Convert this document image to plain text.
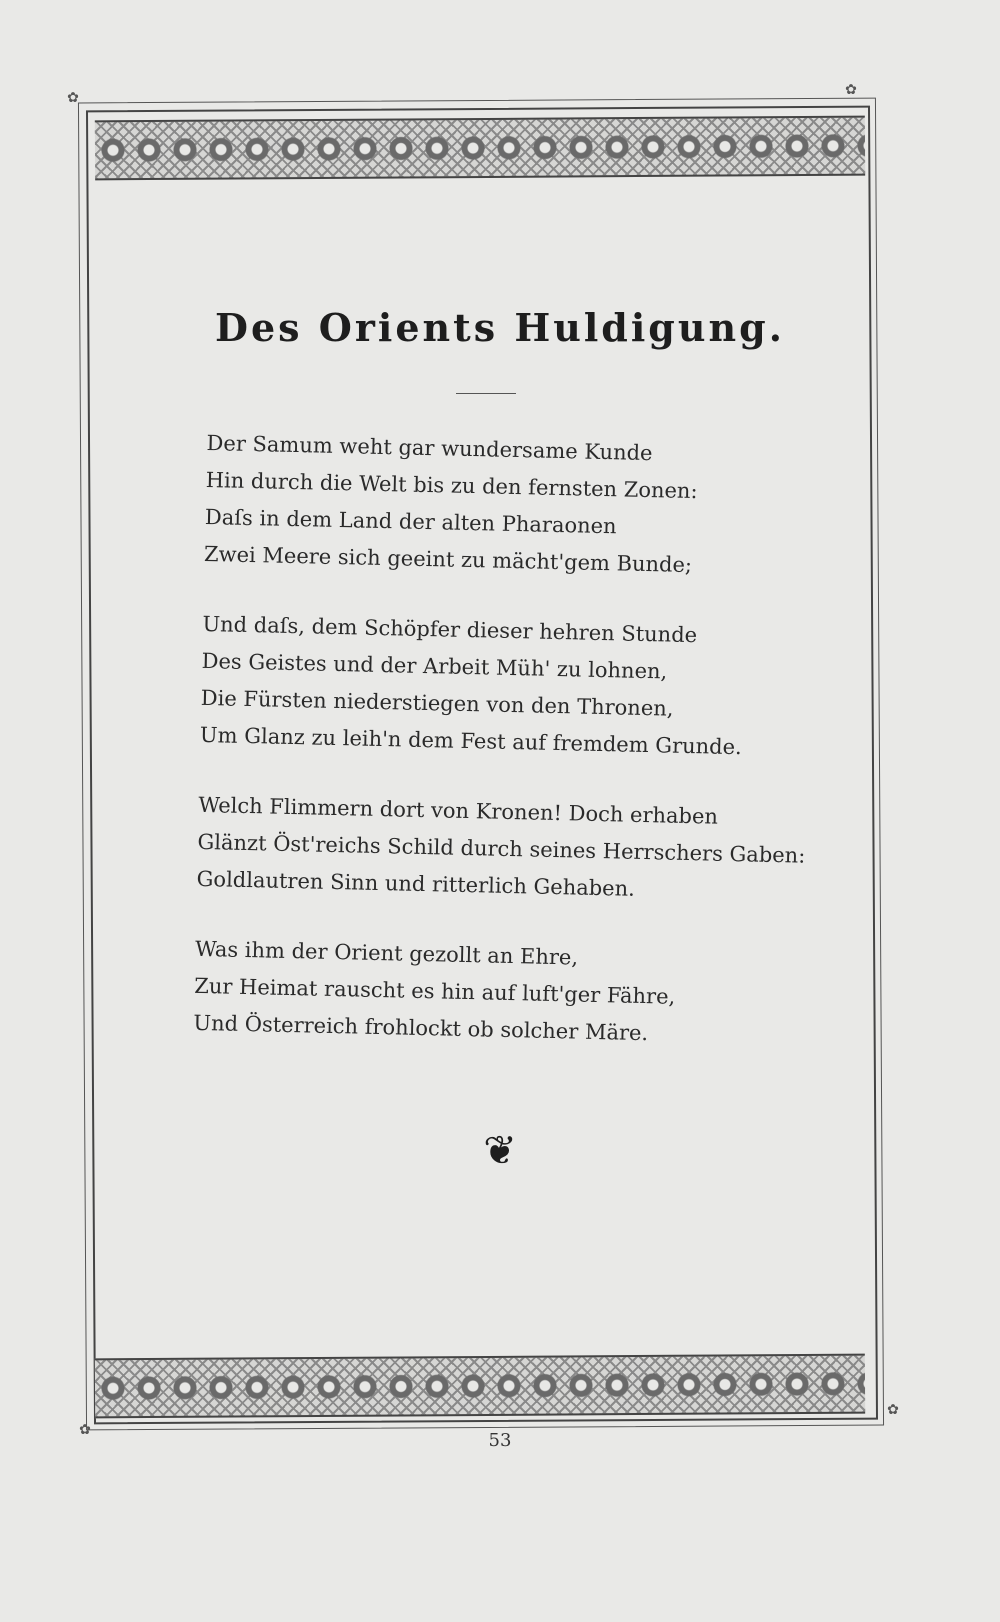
✿	✿
✿
✿
Des Orients Huldigung.
Der Samum weht gar wundersame Kunde
Hin durch die Welt bis zu den fernsten Zonen:
Daſs in dem Land der alten Pharaonen
Zwei Meere sich geeint zu mächt'gem Bunde;
Und daſs, dem Schöpfer dieser hehren Stunde
Des Geistes und der Arbeit Müh' zu lohnen,
Die Fürsten niederstiegen von den Thronen,
Um Glanz zu leih'n dem Fest auf fremdem Grunde.
Welch Flimmern dort von Kronen! Doch erhaben
Glänzt Öst'reichs Schild durch seines Herrschers Gaben:
Goldlautren Sinn und ritterlich Gehaben.
Was ihm der Orient gezollt an Ehre,
Zur Heimat rauscht es hin auf luft'ger Fähre,
Und Österreich frohlockt ob solcher Märe.
❦
53
